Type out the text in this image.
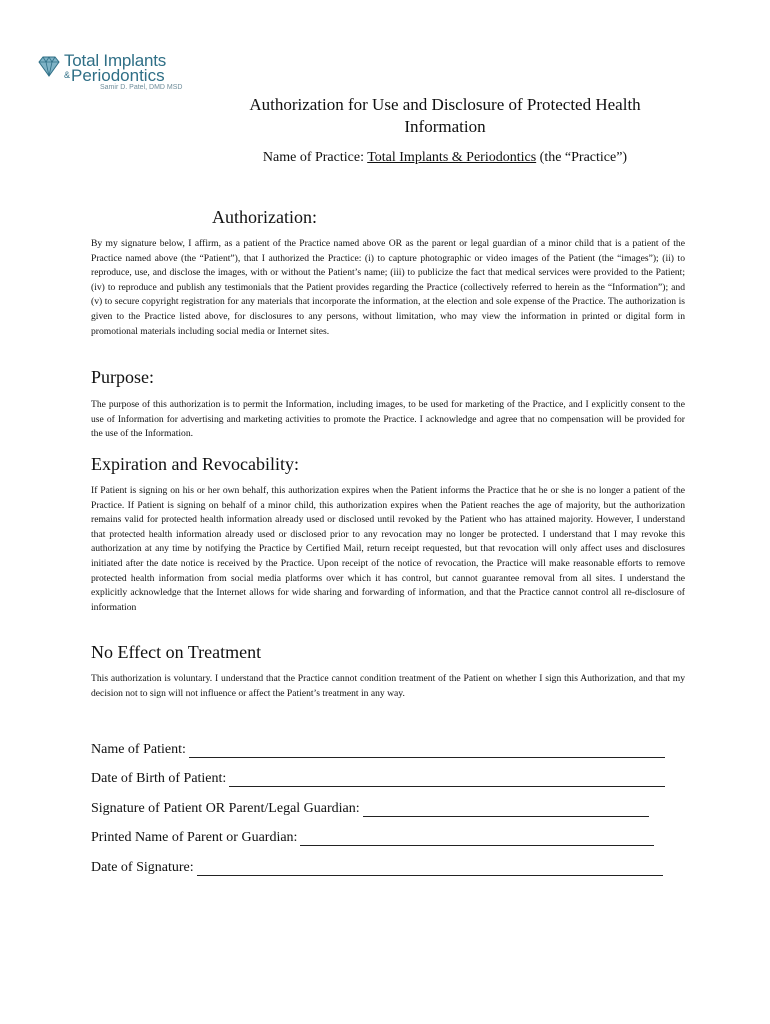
Total Implants
&Periodontics
Samir D. Patel, DMD MSD
Authorization for Use and Disclosure of Protected Health Information
Name of Practice: Total Implants & Periodontics (the “Practice”)
Authorization:
By my signature below, I affirm, as a patient of the Practice named above OR as the parent or legal guardian of a minor child that is a patient of the Practice named above (the “Patient”), that I authorized the Practice: (i) to capture photographic or video images of the Patient (the “images”); (ii) to reproduce, use, and disclose the images, with or without the Patient’s name; (iii) to publicize the fact that medical services were provided to the Patient; (iv) to reproduce and publish any testimonials that the Patient provides regarding the Practice (collectively referred to herein as the “Information”); and (v) to secure copyright registration for any materials that incorporate the information, at the election and sole expense of the Practice. The authorization is given to the Practice listed above, for disclosures to any persons, without limitation, who may view the information in printed or digital form in promotional materials including social media or Internet sites.
Purpose:
The purpose of this authorization is to permit the Information, including images, to be used for marketing of the Practice, and I explicitly consent to the use of Information for advertising and marketing activities to promote the Practice. I acknowledge and agree that no compensation will be provided for the use of the Information.
Expiration and Revocability:
If Patient is signing on his or her own behalf, this authorization expires when the Patient informs the Practice that he or she is no longer a patient of the Practice. If Patient is signing on behalf of a minor child, this authorization expires when the Patient reaches the age of majority, but the authorization remains valid for protected health information already used or disclosed until revoked by the Patient who has attained majority. However, I understand that protected health information already used or disclosed prior to any revocation may no longer be protected. I understand that I may revoke this authorization at any time by notifying the Practice by Certified Mail, return receipt requested, but that revocation will only affect uses and disclosures initiated after the date notice is received by the Practice. Upon receipt of the notice of revocation, the Practice will make reasonable efforts to remove protected health information from social media platforms over which it has control, but cannot guarantee removal from all sites. I understand the explicitly acknowledge that the Internet allows for wide sharing and forwarding of information, and that the Practice cannot control all re-disclosure of information
No Effect on Treatment
This authorization is voluntary. I understand that the Practice cannot condition treatment of the Patient on whether I sign this Authorization, and that my decision not to sign will not influence or affect the Patient’s treatment in any way.
Name of Patient:
Date of Birth of Patient:
Signature of Patient OR Parent/Legal Guardian:
Printed Name of Parent or Guardian:
Date of Signature:
